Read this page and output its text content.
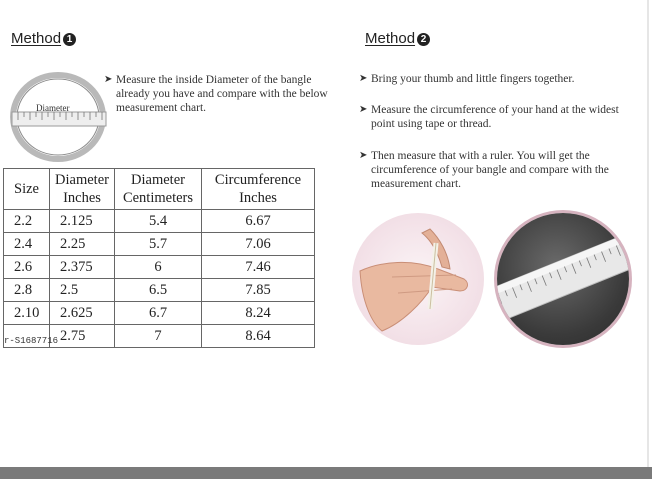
Method 1	Method 2
Diameter
➤ Measure the inside Diameter of the bangle already you have and compare with the below measurement chart.
➤ Bring your thumb and little fingers together.
➤ Measure the circumference of your hand at the widest point using tape or thread.
➤ Then measure that with a ruler. You will get the circumference of your bangle and compare with the measurement chart.
Size	Diameter Inches	Diameter Centimeters	Circumference Inches
2.2	2.125	5.4	6.67
2.4	2.25	5.7	7.06
2.6	2.375	6	7.46
2.8	2.5	6.5	7.85
2.10	2.625	6.7	8.24
	2.75	7	8.64
r-S1687716
